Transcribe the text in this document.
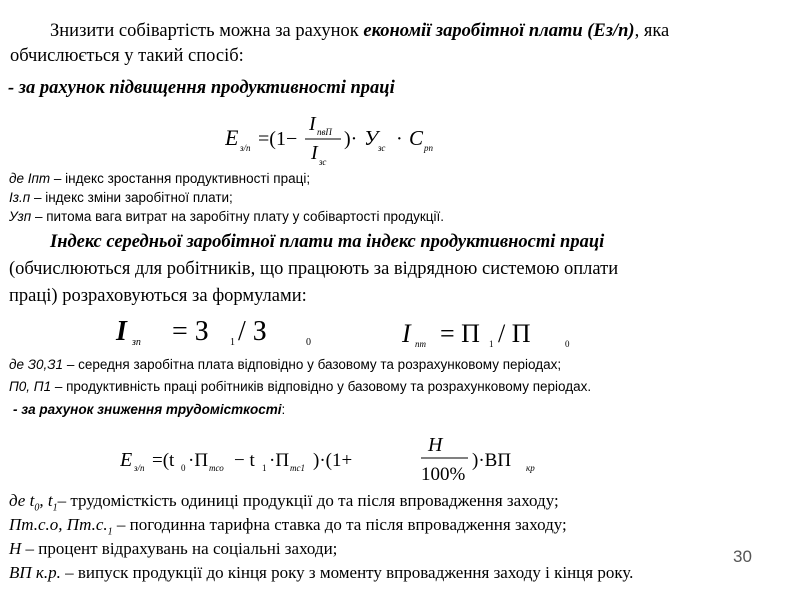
Знизити собівартість можна за рахунок економії заробітної плати (Ез/п), яка
обчислюється у такий спосіб:
- за рахунок підвищення продуктивності праці
E з/п =(1−
I пвП
I зс
)· У зс · С рп
де Іпт – індекс зростання продуктивності праці;
Із.п – індекс зміни заробітної плати;
Узп – питома вага витрат на заробітну плату у собівартості продукції.
Індекс середньої заробітної плати та індекс продуктивності праці
(обчислюються для робітників, що працюють за відрядною системою оплати
праці) розраховуються за формулами:
I зп = З 1 / З	0	I пт = П 1 / П	0
де З0,З1 – середня заробітна плата відповідно у базовому та розрахунковому періодах;
П0, П1 – продуктивність праці робітників відповідно у базовому та розрахунковому періодах.
- за рахунок зниження трудомісткості:
E з/п =(t 0 ·П тсо − t 1 ·П тс1 )·(1+
H
100%
)·ВП кр
де $t_0$, $t_1-$ трудомісткість одиниці продукції до та після впровадження заходу;
Пт.с.о, $Пт.с._1$ – погодинна тарифна ставка до та після впровадження заходу;
Н – процент відрахувань на соціальні заходи;
ВП к.р. – випуск продукції до кінця року з моменту впровадження заходу і кінця року.
30
